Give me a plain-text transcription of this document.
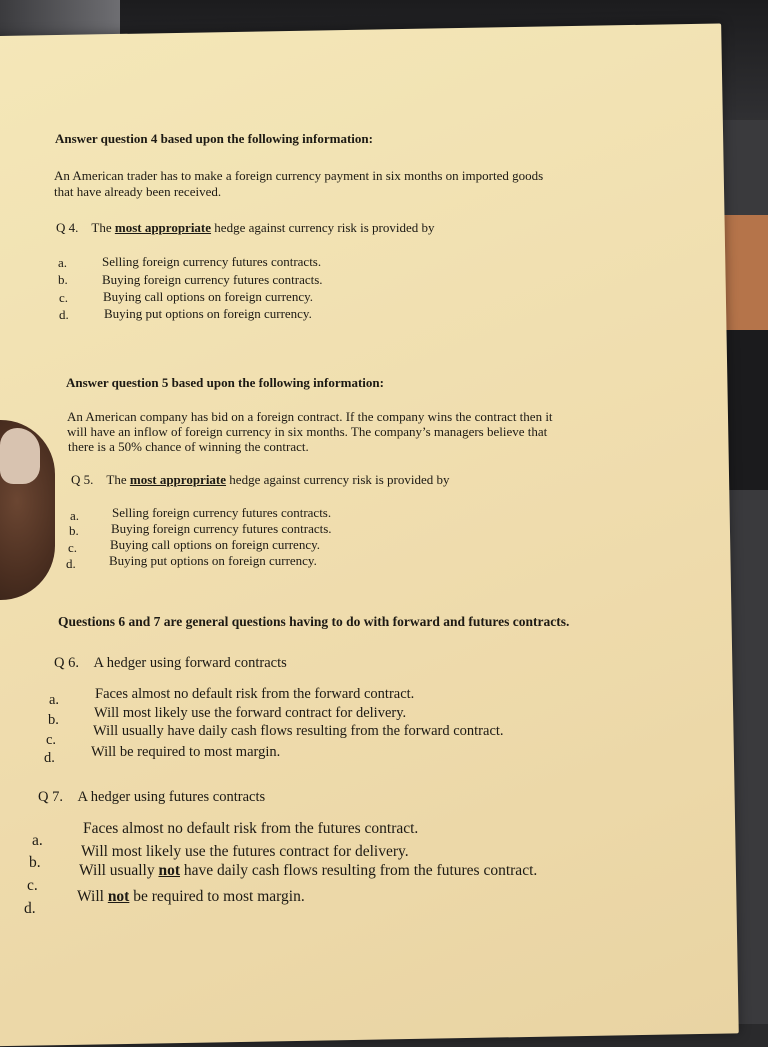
Answer question 4 based upon the following information:
An American trader has to make a foreign currency payment in six months on imported goods
that have already been received.
Q 4. The most appropriate hedge against currency risk is provided by
a.	Selling foreign currency futures contracts.
b.	Buying foreign currency futures contracts.
c.	Buying call options on foreign currency.
d.	Buying put options on foreign currency.
Answer question 5 based upon the following information:
An American company has bid on a foreign contract. If the company wins the contract then it
will have an inflow of foreign currency in six months. The company’s managers believe that
there is a 50% chance of winning the contract.
Q 5. The most appropriate hedge against currency risk is provided by
a.	Selling foreign currency futures contracts.
b. Buying foreign currency futures contracts.
c.	Buying call options on foreign currency.
d.	Buying put options on foreign currency.
Questions 6 and 7 are general questions having to do with forward and futures contracts.
Q 6. A hedger using forward contracts
a. Faces almost no default risk from the forward contract.
b. Will most likely use the forward contract for delivery.
c.
Will usually have daily cash flows resulting from the forward contract.
d. Will be required to most margin.
Q 7. A hedger using futures contracts
a.
Faces almost no default risk from the futures contract.
b.
Will most likely use the futures contract for delivery.
c.
Will usually not have daily cash flows resulting from the futures contract.
d.
Will not be required to most margin.
